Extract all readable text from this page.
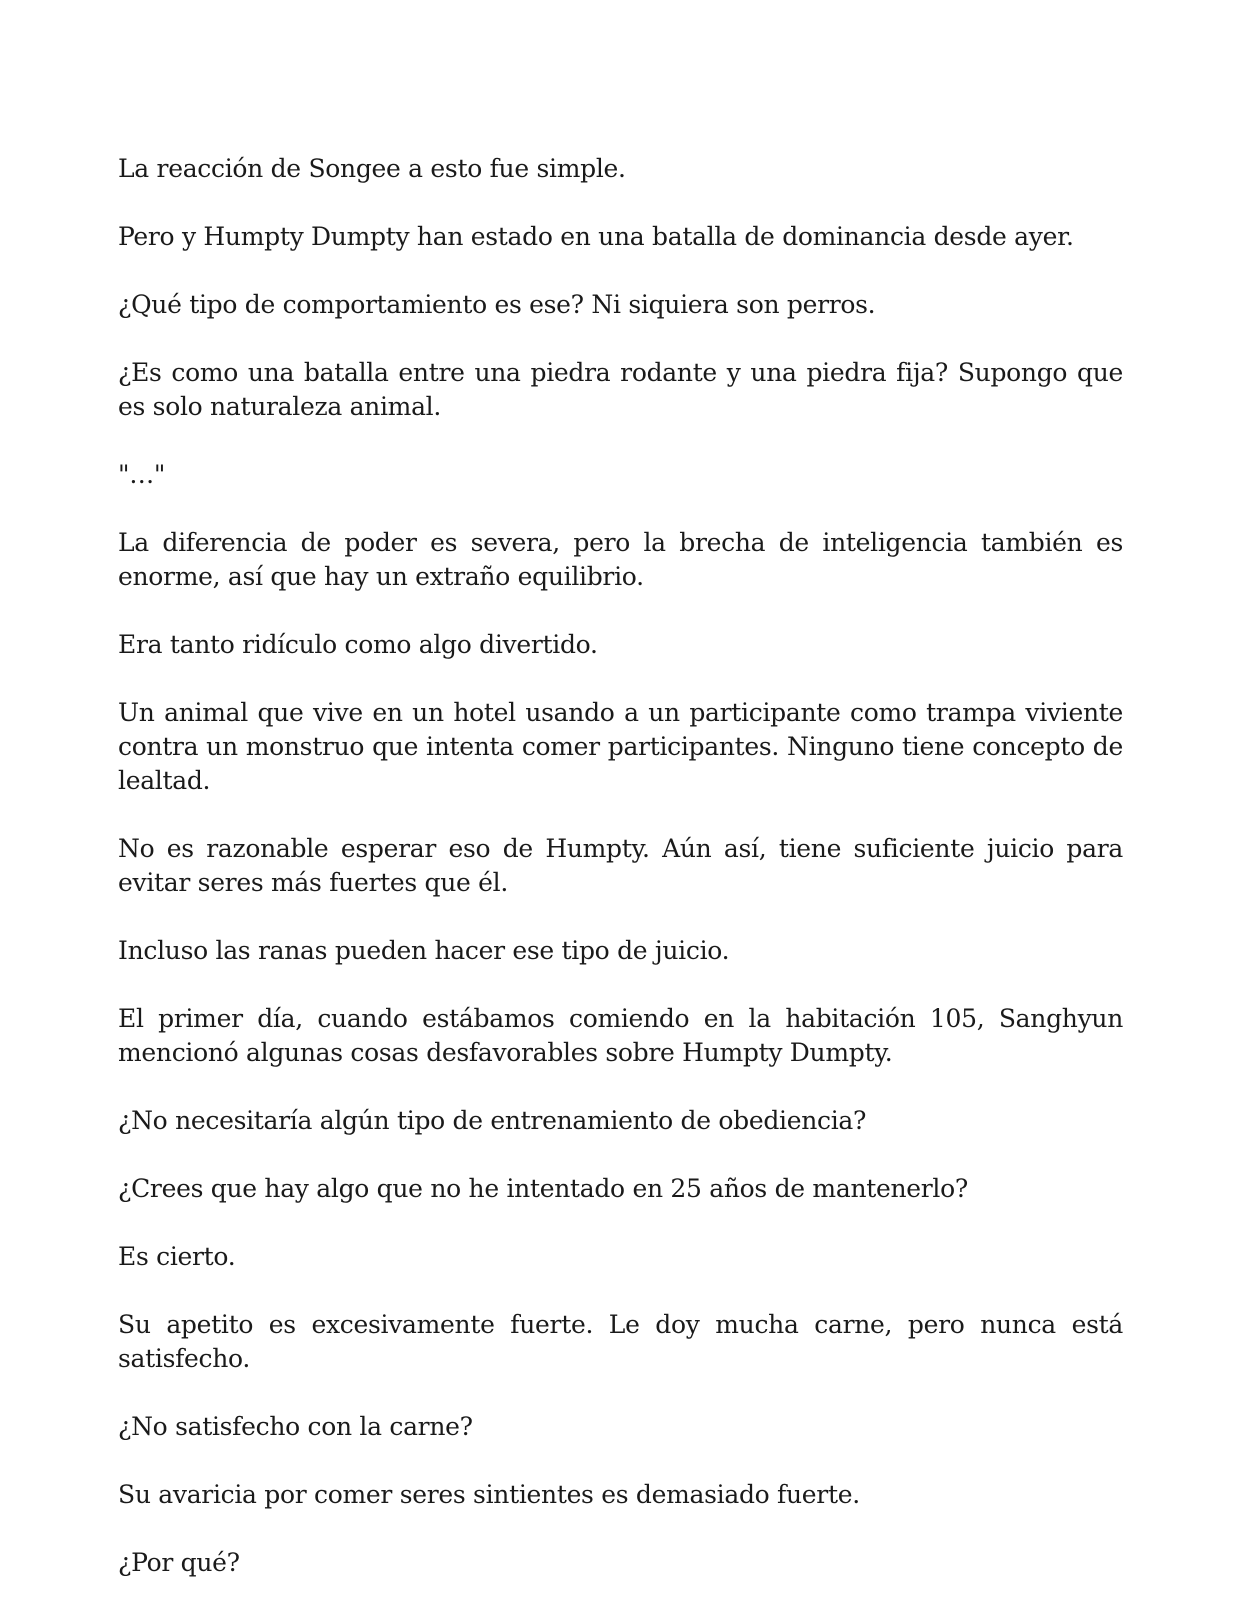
La reacción de Songee a esto fue simple.

Pero y Humpty Dumpty han estado en una batalla de dominancia desde ayer.

¿Qué tipo de comportamiento es ese? Ni siquiera son perros.

¿Es como una batalla entre una piedra rodante y una piedra fija? Supongo que es solo naturaleza animal.

"…"

La diferencia de poder es severa, pero la brecha de inteligencia también es enorme, así que hay un extraño equilibrio.

Era tanto ridículo como algo divertido.

Un animal que vive en un hotel usando a un participante como trampa viviente contra un monstruo que intenta comer participantes. Ninguno tiene concepto de lealtad.

No es razonable esperar eso de Humpty. Aún así, tiene suficiente juicio para evitar seres más fuertes que él.

Incluso las ranas pueden hacer ese tipo de juicio.

El primer día, cuando estábamos comiendo en la habitación 105, Sanghyun mencionó algunas cosas desfavorables sobre Humpty Dumpty.

¿No necesitaría algún tipo de entrenamiento de obediencia?

¿Crees que hay algo que no he intentado en 25 años de mantenerlo?

Es cierto.

Su apetito es excesivamente fuerte. Le doy mucha carne, pero nunca está satisfecho.

¿No satisfecho con la carne?

Su avaricia por comer seres sintientes es demasiado fuerte.

¿Por qué?
